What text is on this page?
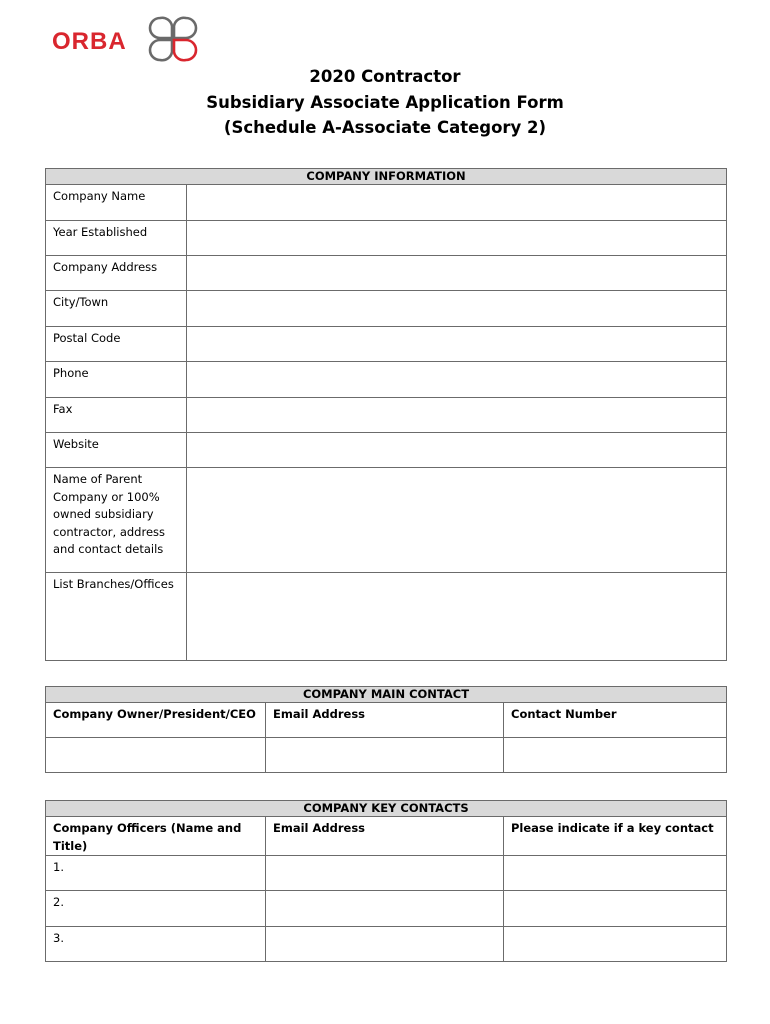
ORBA
2020 Contractor
Subsidiary Associate Application Form
(Schedule A-Associate Category 2)
COMPANY INFORMATION	

Company Name	

Year Established	

Company Address	

City/Town	

Postal Code	

Phone	

Fax	

Website	

Name of Parent Company or 100% owned subsidiary contractor, address and contact details	

List Branches/Offices	

COMPANY MAIN CONTACT		

Company Owner/President/CEO	Email Address	Contact Number

COMPANY KEY CONTACTS		

Company Officers (Name and Title)	Email Address	Please indicate if a key contact

1.		

2.		

3.		
